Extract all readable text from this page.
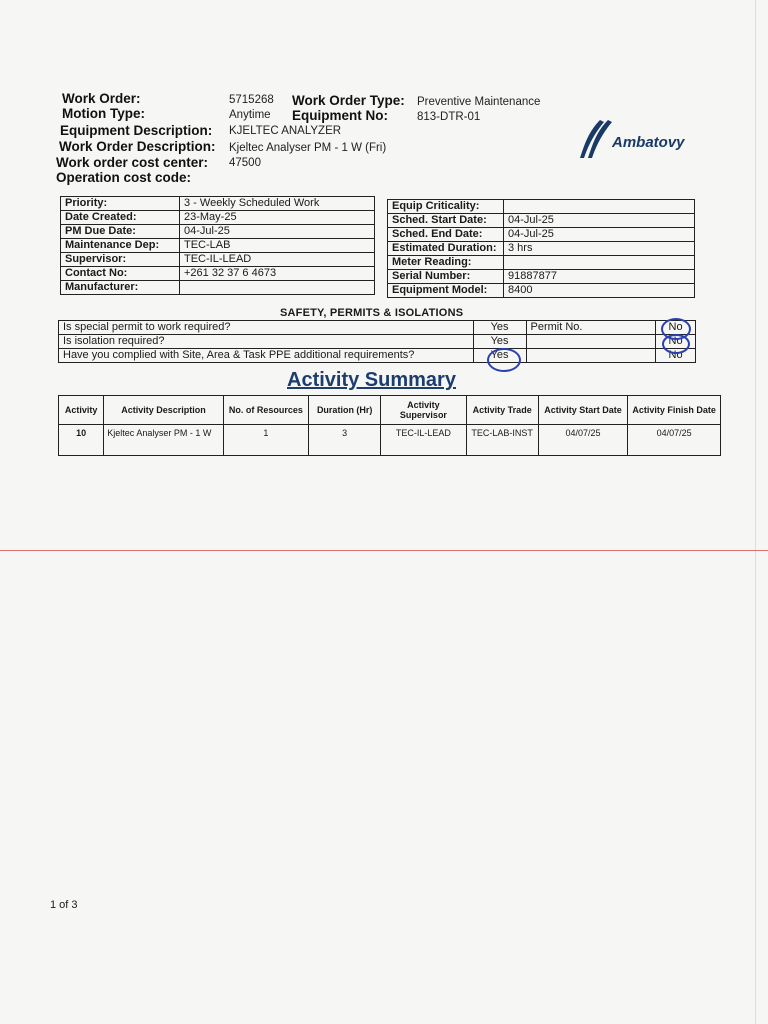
Work Order:	5715268 Work Order Type: Preventive Maintenance
Motion Type:	Anytime Equipment No:	813-DTR-01
Equipment Description: KJELTEC ANALYZER
Work Order Description: Kjeltec Analyser PM - 1 W (Fri)
Work order cost center: 47500
Operation cost code:
Ambatovy
Priority:	3 - Weekly Scheduled Work
Date Created:	23-May-25
PM Due Date:	04-Jul-25
Maintenance Dep:	TEC-LAB
Supervisor:	TEC-IL-LEAD
Contact No:	+261 32 37 6 4673
Manufacturer:	
Equip Criticality:	
Sched. Start Date:	04-Jul-25
Sched. End Date:	04-Jul-25
Estimated Duration:	3 hrs
Meter Reading:	
Serial Number:	91887877
Equipment Model:	8400
SAFETY, PERMITS & ISOLATIONS
Is special permit to work required?	Yes	Permit No.	No
Is isolation required?	Yes		No
Have you complied with Site, Area & Task PPE additional requirements?	Yes		No
Activity Summary
Activity	Activity Description	No. of Resources	Duration (Hr)	Activity Supervisor	Activity Trade	Activity Start Date	Activity Finish Date
10	Kjeltec Analyser PM - 1 W	1	3	TEC-IL-LEAD	TEC-LAB-INST	04/07/25	04/07/25
1 of 3
